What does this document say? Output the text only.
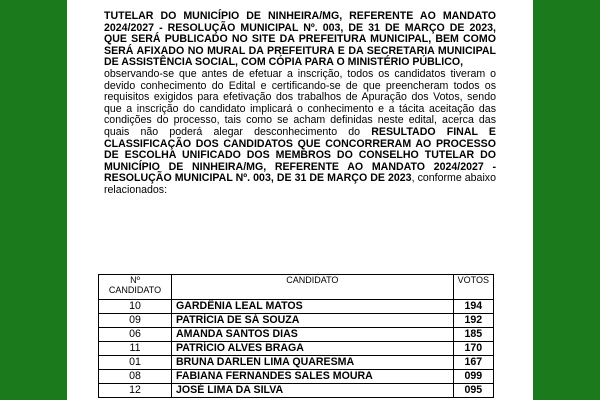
TUTELAR DO MUNICÍPIO DE NINHEIRA/MG, REFERENTE AO MANDATO 2024/2027 - RESOLUÇÃO MUNICIPAL Nº. 003, DE 31 DE MARÇO DE 2023, QUE SERÁ PUBLICADO NO SITE DA PREFEITURA MUNICIPAL, BEM COMO SERÁ AFIXADO NO MURAL DA PREFEITURA E DA SECRETARIA MUNICIPAL DE ASSISTÊNCIA SOCIAL, COM CÓPIA PARA O MINISTÉRIO PÚBLICO,

observando-se que antes de efetuar a inscrição, todos os candidatos tiveram o devido conhecimento do Edital e certificando-se de que preencheram todos os requisitos exigidos para efetivação dos trabalhos de Apuração dos Votos, sendo que a inscrição do candidato implicará o conhecimento e a tácita aceitação das condições do processo, tais como se acham definidas neste edital, acerca das quais não poderá alegar desconhecimento do RESULTADO FINAL E CLASSIFICAÇÃO DOS CANDIDATOS QUE CONCORRERAM AO PROCESSO DE ESCOLHA UNIFICADO DOS MEMBROS DO CONSELHO TUTELAR DO MUNICÍPIO DE NINHEIRA/MG, REFERENTE AO MANDATO 2024/2027 - RESOLUÇÃO MUNICIPAL Nº. 003, DE 31 DE MARÇO DE 2023, conforme abaixo relacionados:

Nº CANDIDATO	CANDIDATO	VOTOS
10	GARDÊNIA LEAL MATOS	194
09	PATRÍCIA DE SÁ SOUZA	192
06	AMANDA SANTOS DIAS	185
11	PATRÍCIO ALVES BRAGA	170
01	BRUNA DARLEN LIMA QUARESMA	167
08	FABIANA FERNANDES SALES MOURA	099
12	JOSÉ LIMA DA SILVA	095
